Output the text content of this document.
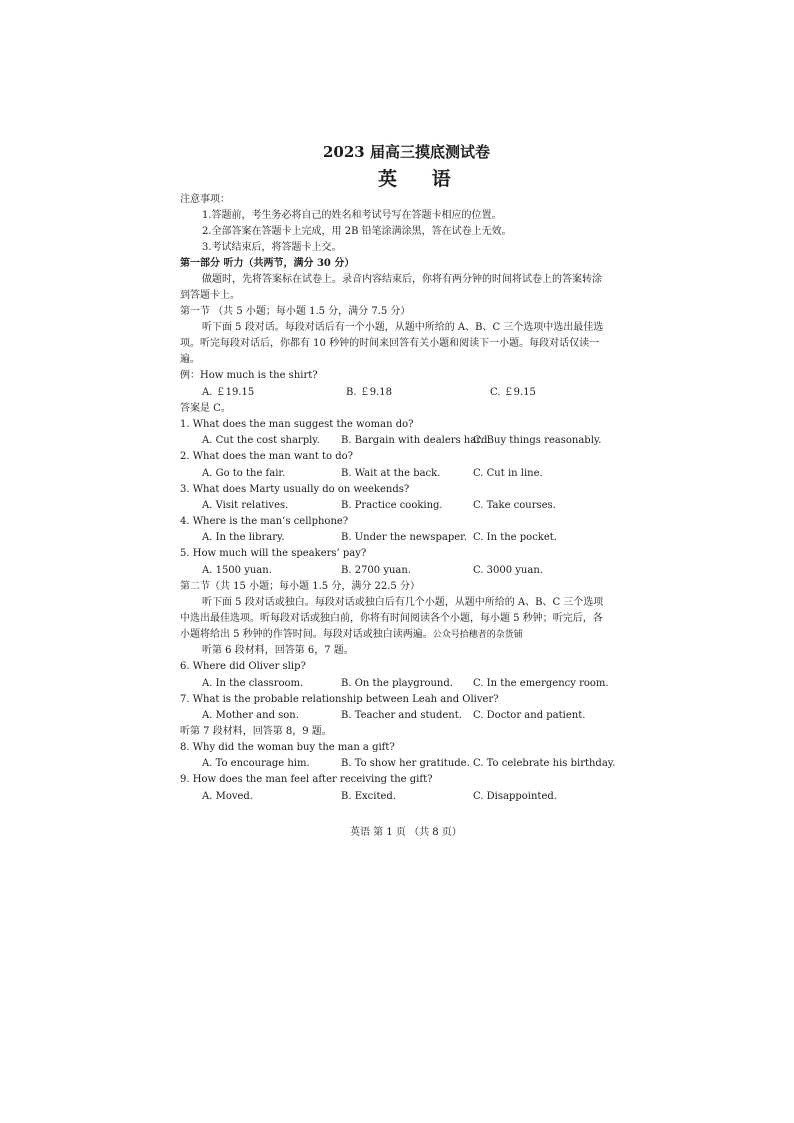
2023 届高三摸底测试卷
英 语
注意事项：
1.答题前，考生务必将自己的姓名和考试号写在答题卡相应的位置。
2.全部答案在答题卡上完成，用 2B 铅笔涂满涂黑，答在试卷上无效。
3.考试结束后，将答题卡上交。
第一部分 听力（共两节，满分 30 分）
做题时，先将答案标在试卷上。录音内容结束后，你将有两分钟的时间将试卷上的答案转涂
到答题卡上。
第一节 （共 5 小题；每小题 1.5 分，满分 7.5 分）
听下面 5 段对话。每段对话后有一个小题，从题中所给的 A、B、C 三个选项中选出最佳选
项。听完每段对话后，你都有 10 秒钟的时间来回答有关小题和阅读下一小题。每段对话仅读一
遍。
例：How much is the shirt?
A. ￡19.15	B. ￡9.18	C. ￡9.15
答案是 C。
1. What does the man suggest the woman do?
A. Cut the cost sharply. B. Bargain with dealers hard.
C. Buy things reasonably.
2. What does the man want to do?
A. Go to the fair.	B. Wait at the back.	C. Cut in line.
3. What does Marty usually do on weekends?
A. Visit relatives.	B. Practice cooking.	C. Take courses.
4. Where is the man’s cellphone?
A. In the library.	B. Under the newspaper. C. In the pocket.
5. How much will the speakers’ pay?
A. 1500 yuan.	B. 2700 yuan.	C. 3000 yuan.
第二节（共 15 小题；每小题 1.5 分，满分 22.5 分）
听下面 5 段对话或独白。每段对话或独白后有几个小题，从题中所给的 A、B、C 三个选项
中选出最佳选项。听每段对话或独白前，你将有时间阅读各个小题，每小题 5 秒钟；听完后，各
小题将给出 5 秒钟的作答时间。每段对话或独白读两遍。公众号拾穗者的杂货铺
听第 6 段材料，回答第 6，7 题。
6. Where did Oliver slip?
A. In the classroom.	B. On the playground. C. In the emergency room.
7. What is the probable relationship between Leah and Oliver?
A. Mother and son.	B. Teacher and student. C. Doctor and patient.
听第 7 段材料，回答第 8，9 题。
8. Why did the woman buy the man a gift?
A. To encourage him.	B. To show her gratitude. C. To celebrate his birthday.
9. How does the man feel after receiving the gift?
A. Moved.	B. Excited.	C. Disappointed.
英语 第 1 页 （共 8 页）
